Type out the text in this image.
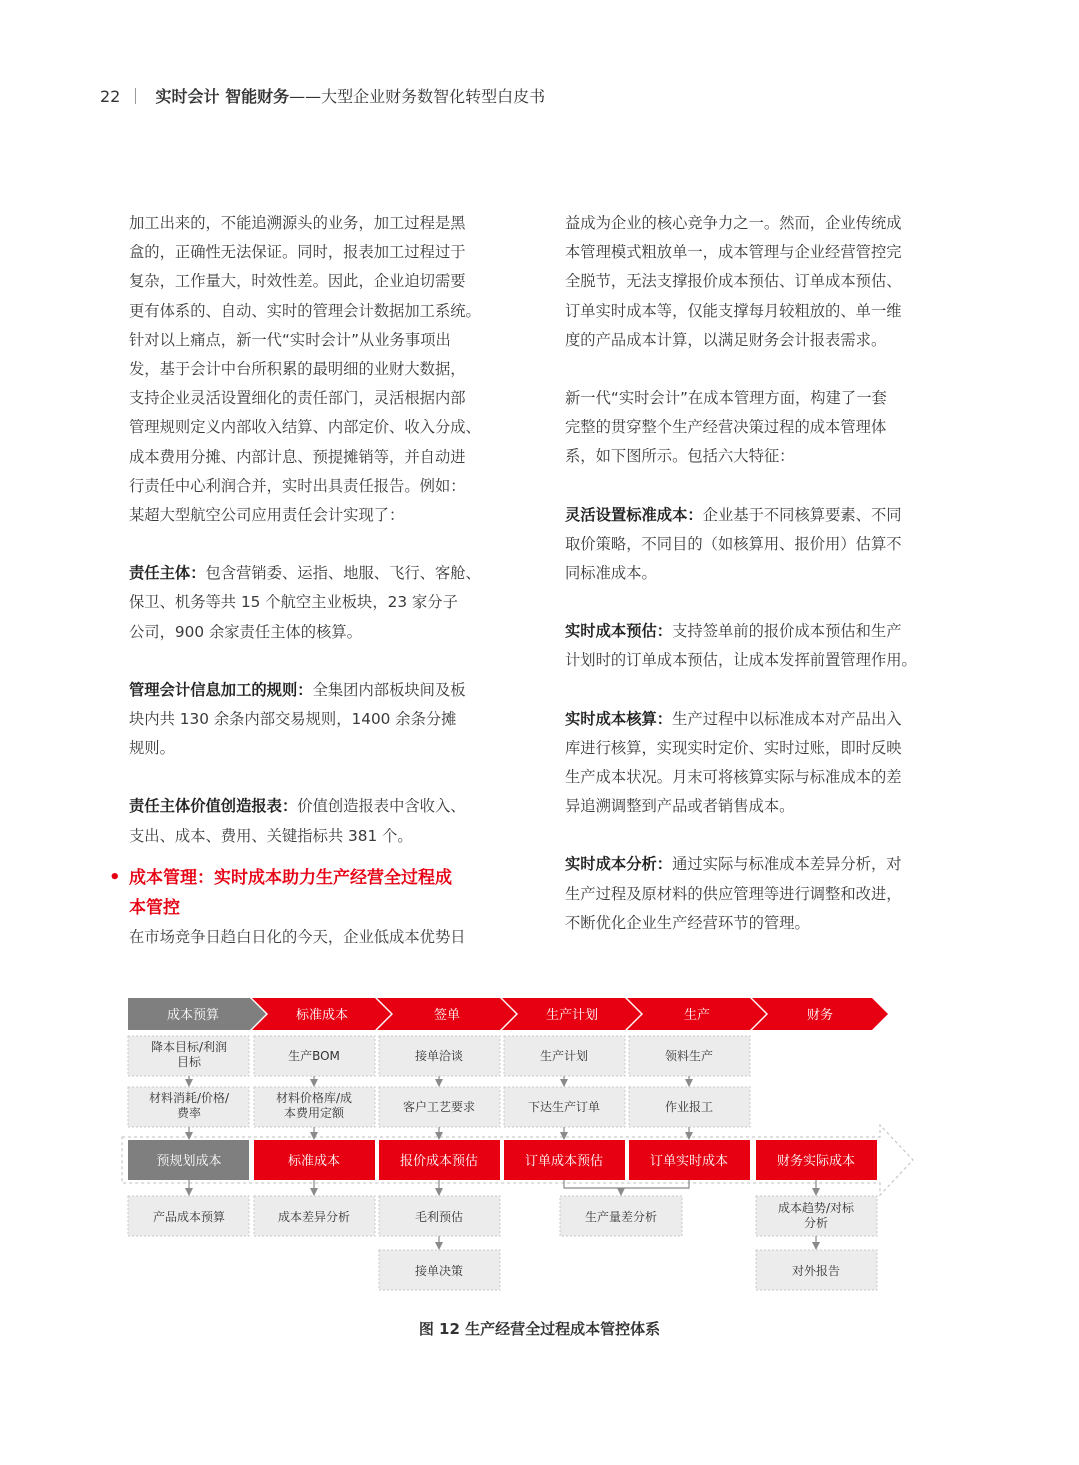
22 实时会计 智能财务——大型企业财务数智化转型白皮书

加工出来的，不能追溯源头的业务，加工过程是黑

盒的，正确性无法保证。同时，报表加工过程过于

复杂，工作量大，时效性差。因此，企业迫切需要

更有体系的、自动、实时的管理会计数据加工系统。

针对以上痛点，新一代“实时会计”从业务事项出

发，基于会计中台所积累的最明细的业财大数据，

支持企业灵活设置细化的责任部门，灵活根据内部

管理规则定义内部收入结算、内部定价、收入分成、

成本费用分摊、内部计息、预提摊销等，并自动进

行责任中心利润合并，实时出具责任报告。例如：

某超大型航空公司应用责任会计实现了：

责任主体：包含营销委、运指、地服、飞行、客舱、

保卫、机务等共 15 个航空主业板块，23 家分子

公司，900 余家责任主体的核算。

管理会计信息加工的规则：全集团内部板块间及板

块内共 130 余条内部交易规则，1400 余条分摊

规则。

责任主体价值创造报表：价值创造报表中含收入、

支出、成本、费用、关键指标共 381 个。

• 成本管理：实时成本助力生产经营全过程成
本管控

在市场竞争日趋白日化的今天，企业低成本优势日

益成为企业的核心竞争力之一。然而，企业传统成

本管理模式粗放单一，成本管理与企业经营管控完

全脱节，无法支撑报价成本预估、订单成本预估、

订单实时成本等，仅能支撑每月较粗放的、单一维

度的产品成本计算，以满足财务会计报表需求。

新一代“实时会计”在成本管理方面，构建了一套

完整的贯穿整个生产经营决策过程的成本管理体

系，如下图所示。包括六大特征：

灵活设置标准成本：企业基于不同核算要素、不同

取价策略，不同目的（如核算用、报价用）估算不

同标准成本。

实时成本预估：支持签单前的报价成本预估和生产

计划时的订单成本预估，让成本发挥前置管理作用。

实时成本核算：生产过程中以标准成本对产品出入

库进行核算，实现实时定价、实时过账，即时反映

生产成本状况。月末可将核算实际与标准成本的差

异追溯调整到产品或者销售成本。

实时成本分析：通过实际与标准成本差异分析，对

生产过程及原材料的供应管理等进行调整和改进，

不断优化企业生产经营环节的管理。

成本预算	标准成本	签单	生产计划	生产	财务
降本目标/利润目标	生产BOM	接单洽谈	生产计划	领料生产
材料消耗/价格/费率
材料价格库/成本费用定额	客户工艺要求	下达生产订单	作业报工
预规划成本	标准成本	报价成本预估	订单成本预估	订单实时成本	财务实际成本
产品成本预算	成本差异分析	毛利预估	生产量差分析
成本趋势/对标分析
接单决策	对外报告
图 12 生产经营全过程成本管控体系
